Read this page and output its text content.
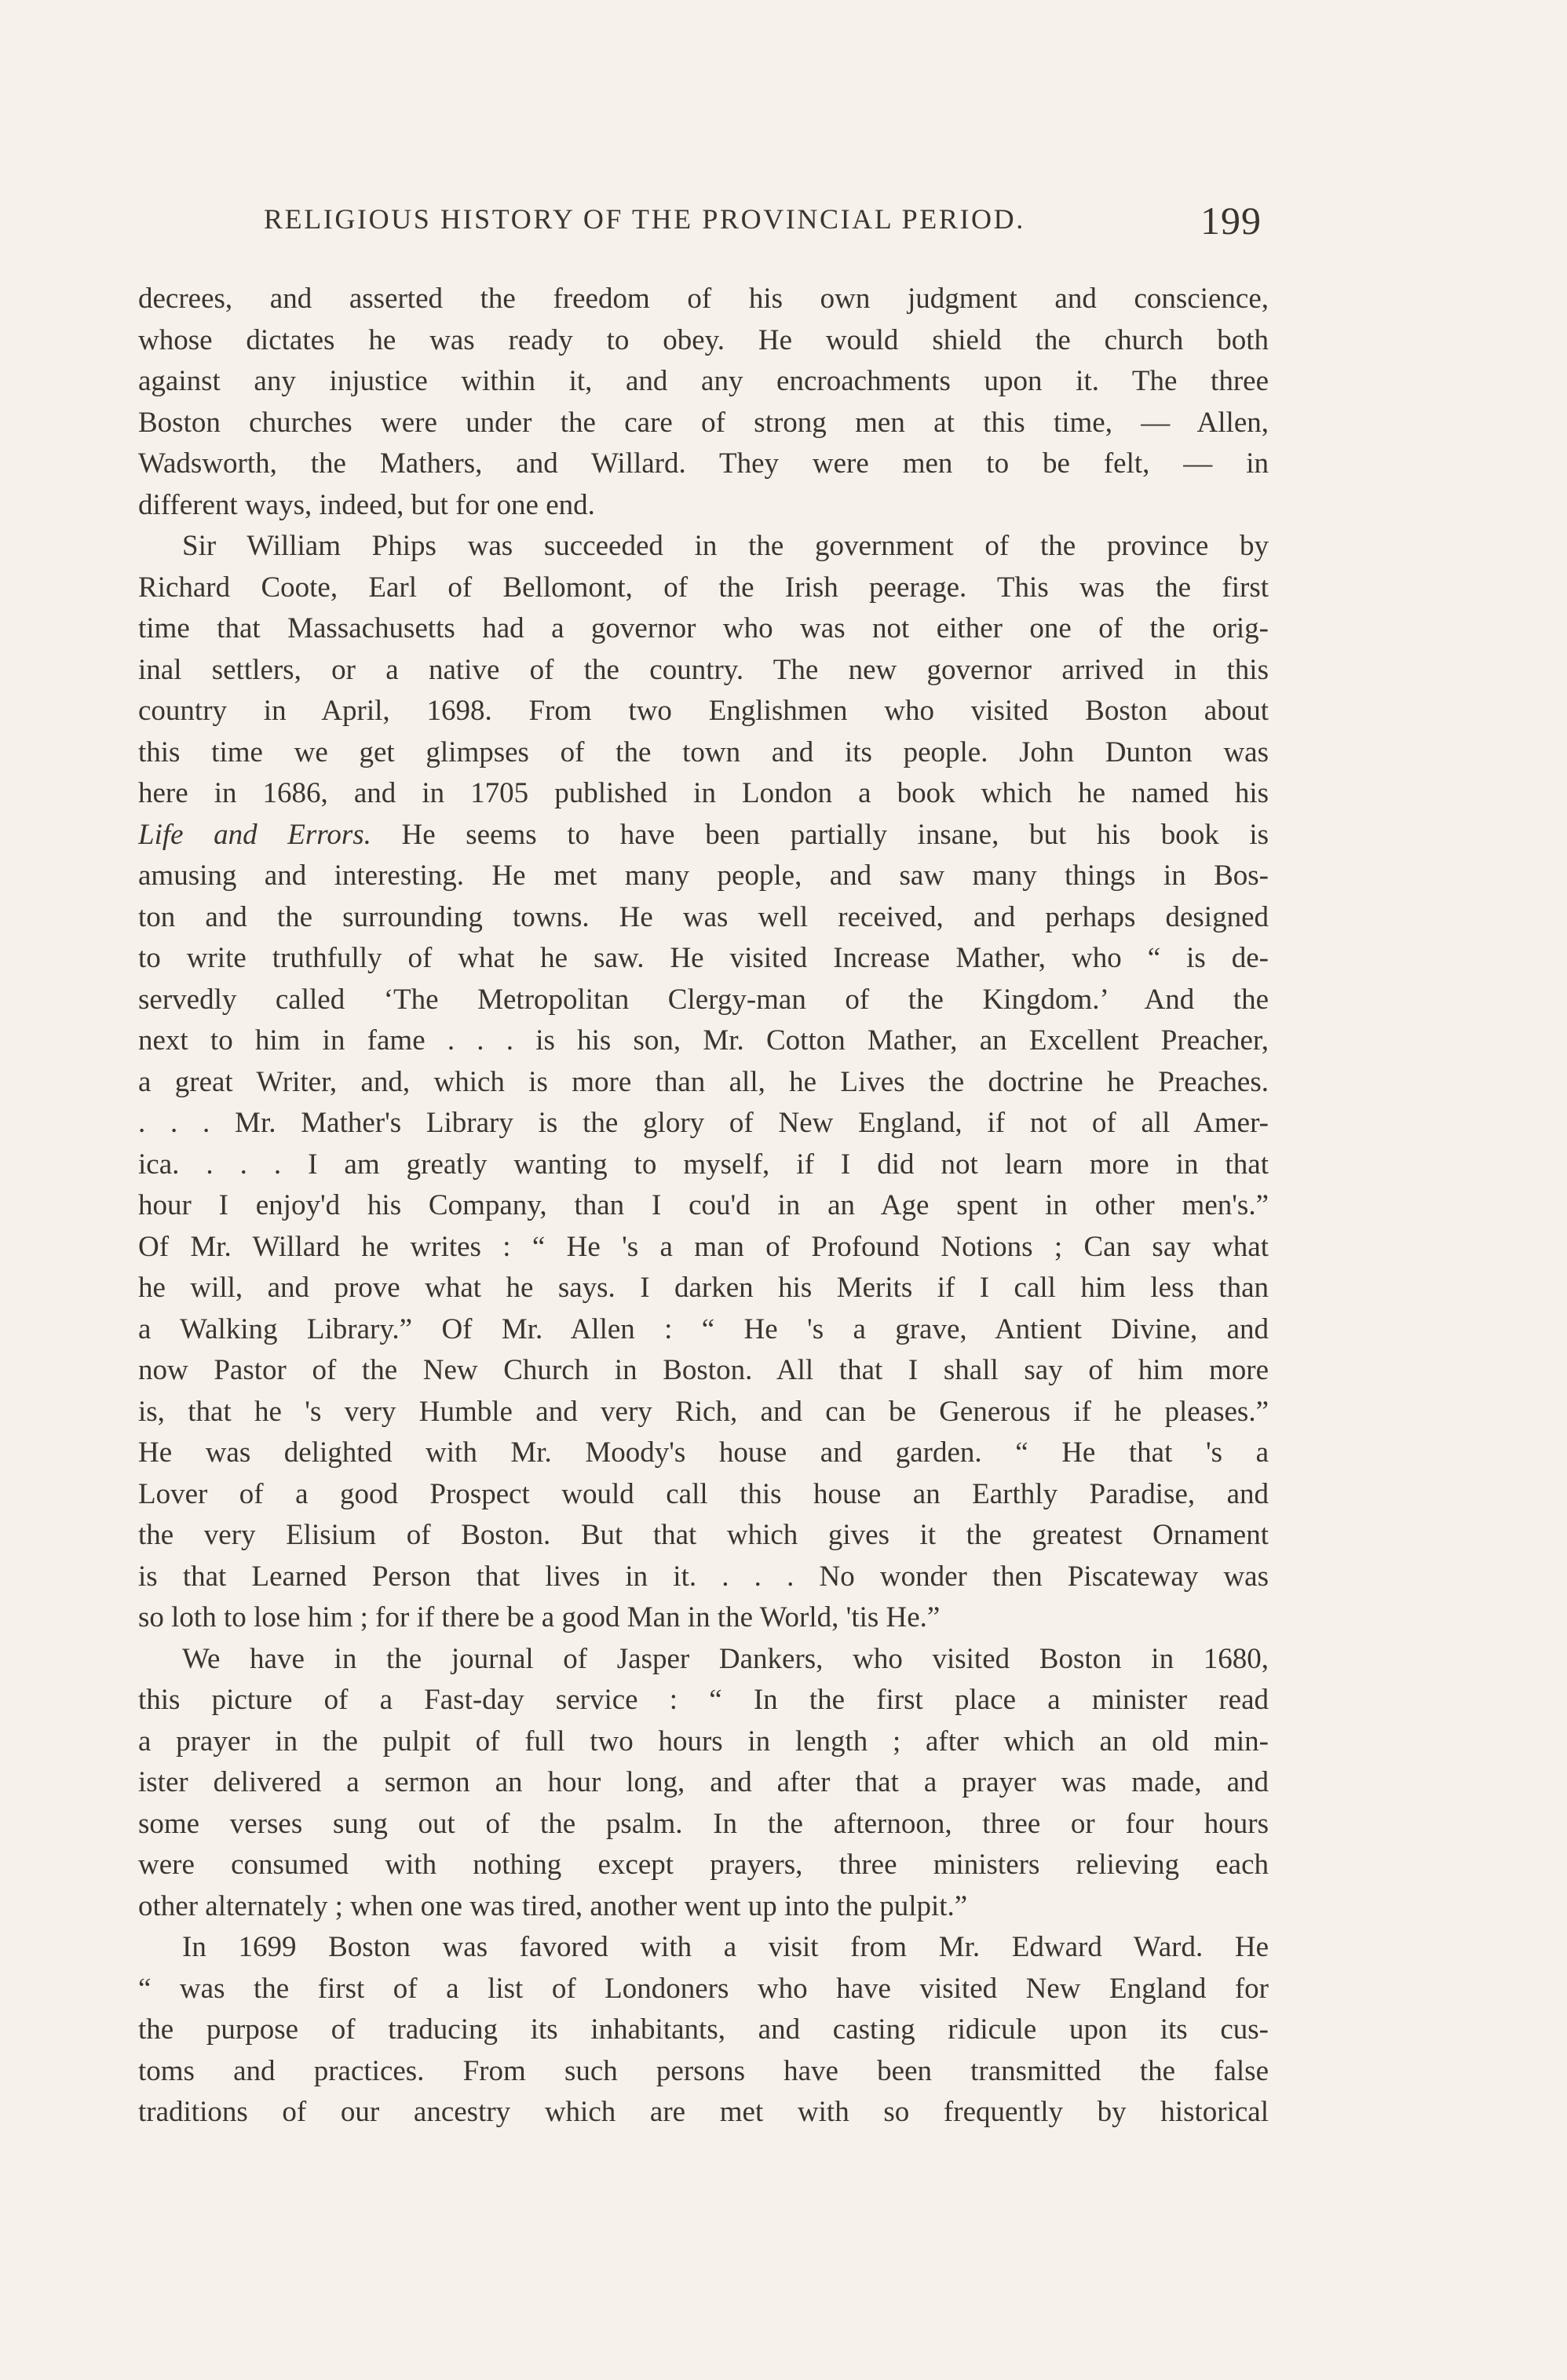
RELIGIOUS HISTORY OF THE PROVINCIAL PERIOD.	199
decrees, and asserted the freedom of his own judgment and conscience,
whose dictates he was ready to obey. He would shield the church both
against any injustice within it, and any encroachments upon it. The three
Boston churches were under the care of strong men at this time, — Allen,
Wadsworth, the Mathers, and Willard. They were men to be felt, — in
different ways, indeed, but for one end.
Sir William Phips was succeeded in the government of the province by
Richard Coote, Earl of Bellomont, of the Irish peerage. This was the first
time that Massachusetts had a governor who was not either one of the orig-
inal settlers, or a native of the country. The new governor arrived in this
country in April, 1698. From two Englishmen who visited Boston about
this time we get glimpses of the town and its people. John Dunton was
here in 1686, and in 1705 published in London a book which he named his
Life and Errors. He seems to have been partially insane, but his book is
amusing and interesting. He met many people, and saw many things in Bos-
ton and the surrounding towns. He was well received, and perhaps designed
to write truthfully of what he saw. He visited Increase Mather, who “ is de-
servedly called ‘The Metropolitan Clergy-man of the Kingdom.’ And the
next to him in fame . . . is his son, Mr. Cotton Mather, an Excellent Preacher,
a great Writer, and, which is more than all, he Lives the doctrine he Preaches.
. . . Mr. Mather's Library is the glory of New England, if not of all Amer-
ica. . . . I am greatly wanting to myself, if I did not learn more in that
hour I enjoy'd his Company, than I cou'd in an Age spent in other men's.”
Of Mr. Willard he writes : “ He 's a man of Profound Notions ; Can say what
he will, and prove what he says. I darken his Merits if I call him less than
a Walking Library.” Of Mr. Allen : “ He 's a grave, Antient Divine, and
now Pastor of the New Church in Boston. All that I shall say of him more
is, that he 's very Humble and very Rich, and can be Generous if he pleases.”
He was delighted with Mr. Moody's house and garden. “ He that 's a
Lover of a good Prospect would call this house an Earthly Paradise, and
the very Elisium of Boston. But that which gives it the greatest Ornament
is that Learned Person that lives in it. . . . No wonder then Piscateway was
so loth to lose him ; for if there be a good Man in the World, 'tis He.”
We have in the journal of Jasper Dankers, who visited Boston in 1680,
this picture of a Fast-day service : “ In the first place a minister read
a prayer in the pulpit of full two hours in length ; after which an old min-
ister delivered a sermon an hour long, and after that a prayer was made, and
some verses sung out of the psalm. In the afternoon, three or four hours
were consumed with nothing except prayers, three ministers relieving each
other alternately ; when one was tired, another went up into the pulpit.”
In 1699 Boston was favored with a visit from Mr. Edward Ward. He
“ was the first of a list of Londoners who have visited New England for
the purpose of traducing its inhabitants, and casting ridicule upon its cus-
toms and practices. From such persons have been transmitted the false
traditions of our ancestry which are met with so frequently by historical
